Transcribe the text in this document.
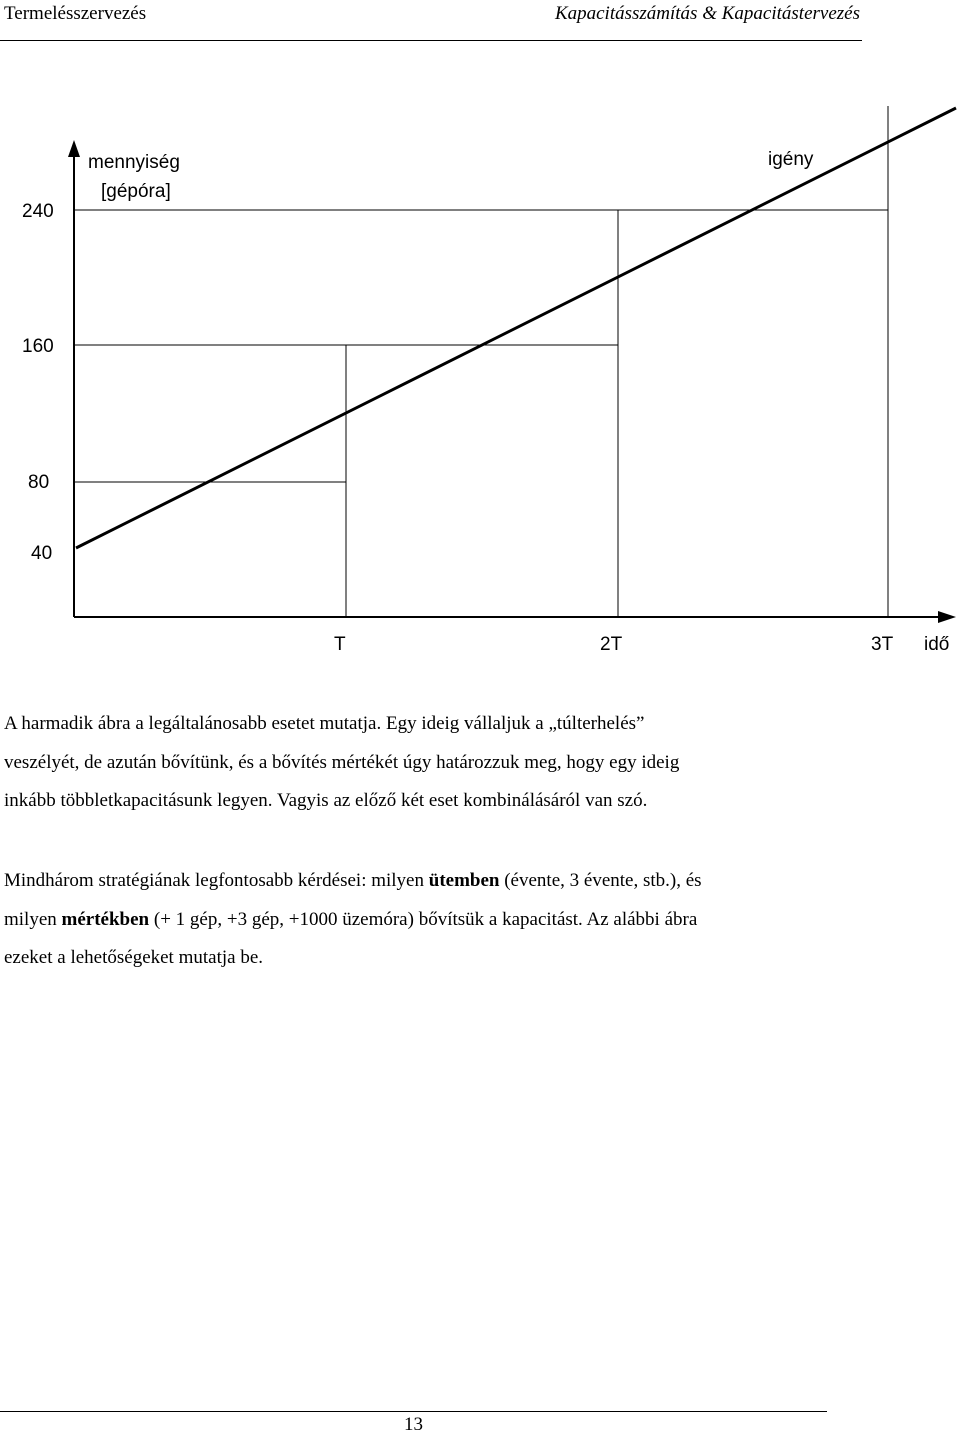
Termelésszervezés	Kapacitásszámítás & Kapacitástervezés
mennyiség
[gépóra]
igény
240
160
80
40
T	2T	3T idő
A harmadik ábra a legáltalánosabb esetet mutatja. Egy ideig vállaljuk a „túlterhelés”
veszélyét, de azután bővítünk, és a bővítés mértékét úgy határozzuk meg, hogy egy ideig
inkább többletkapacitásunk legyen. Vagyis az előző két eset kombinálásáról van szó.
Mindhárom stratégiának legfontosabb kérdései: milyen ütemben (évente, 3 évente, stb.), és
milyen mértékben (+ 1 gép, +3 gép, +1000 üzemóra) bővítsük a kapacitást. Az alábbi ábra
ezeket a lehetőségeket mutatja be.
13
